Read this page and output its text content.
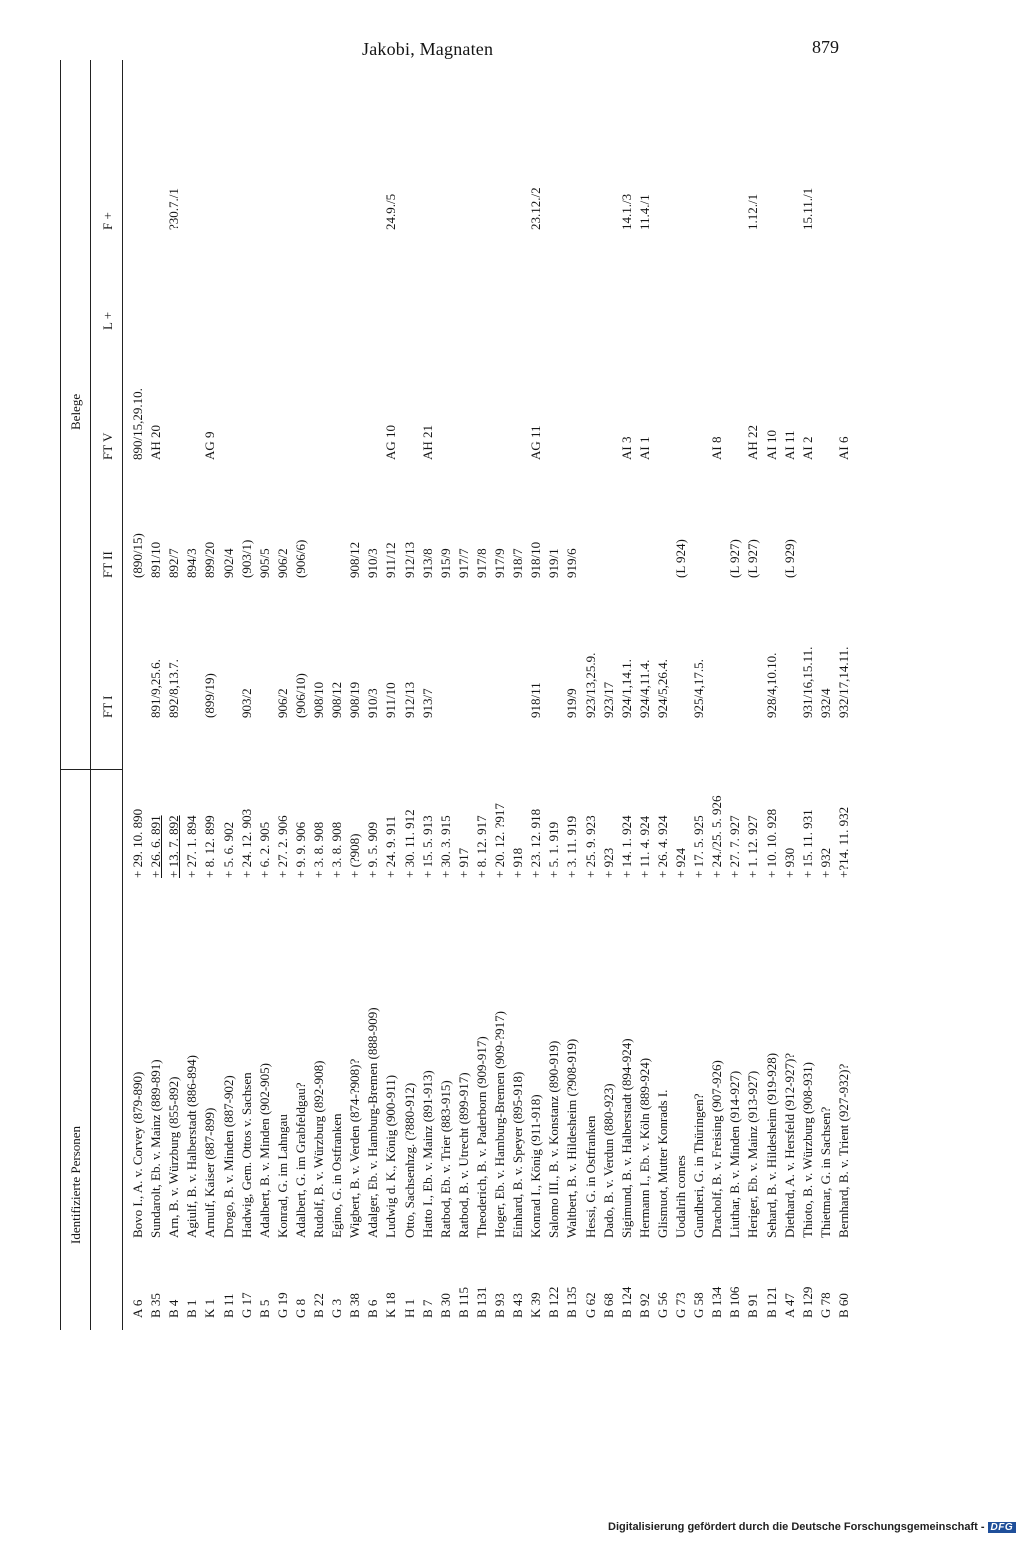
Jakobi, Magnaten	879
Identifizierte Personen
Belege
FT I
FT II
FT V
L +
F +
A 6
Bovo I., A. v. Corvey (879-890)
+ 29. 10. 890
(890/15)
890/15,29.10.
B 35
Sundarolt, Eb. v. Mainz (889-891)
+ 26. 6. 891
891/9,25.6.
891/10
AH 20
B 4
Arn, B. v. Würzburg (855-892)
+ 13. 7. 892
892/8,13.7.
892/7
?30.7./1
B 1
Agiulf, B. v. Halberstadt (886-894)
+ 27. 1. 894
894/3
K 1
Arnulf, Kaiser (887-899)
+ 8. 12. 899
(899/19)
899/20
AG 9
B 11
Drogo, B. v. Minden (887-902)
+ 5. 6. 902
902/4
G 17
Hadwig, Gem. Ottos v. Sachsen
+ 24. 12. 903
903/2
(903/1)
B 5
Adalbert, B. v. Minden (902-905)
+ 6. 2. 905
905/5
G 19
Konrad, G. im Lahngau
+ 27. 2. 906
906/2
906/2
G 8
Adalbert, G. im Grabfeldgau?
+ 9. 9. 906
(906/10)
(906/6)
B 22
Rudolf, B. v. Würzburg (892-908)
+ 3. 8. 908
908/10
G 3
Egino, G. in Ostfranken
+ 3. 8. 908
908/12
B 38
Wigbert, B. v. Verden (874-?908)?
+ (?908)
908/19
908/12
B 6
Adalger, Eb. v. Hamburg-Bremen (888-909)
+ 9. 5. 909
910/3
910/3
K 18
Ludwig d. K., König (900-911)
+ 24. 9. 911
911/10
911/12
AG 10
24.9./5
H 1
Otto, Sachsenhzg. (?880-912)
+ 30. 11. 912
912/13
912/13
B 7
Hatto I., Eb. v. Mainz (891-913)
+ 15. 5. 913
913/7
913/8
AH 21
B 30
Ratbod, Eb. v. Trier (883-915)
+ 30. 3. 915
915/9
B 115
Ratbod, B. v. Utrecht (899-917)
+ 917
917/7
B 131
Theoderich, B. v. Paderborn (909-917)
+ 8. 12. 917
917/8
B 93
Hoger, Eb. v. Hamburg-Bremen (909-?917)
+ 20. 12. ?917
917/9
B 43
Einhard, B. v. Speyer (895-918)
+ 918
918/7
K 39
Konrad I., König (911-918)
+ 23. 12. 918
918/11
918/10
AG 11
23.12./2
B 122
Salomo III., B. v. Konstanz (890-919)
+ 5. 1. 919
919/1
B 135
Waltbert, B. v. Hildesheim (?908-919)
+ 3. 11. 919
919/9
919/6
G 62
Hessi, G. in Ostfranken
+ 25. 9. 923
923/13,25.9.
B 68
Dado, B. v. Verdun (880-923)
+ 923
923/17
B 124
Sigimund, B. v. Halberstadt (894-924)
+ 14. 1. 924
924/1,14.1.
AI 3
14.1./3
B 92
Hermann I., Eb. v. Köln (889-924)
+ 11. 4. 924
924/4,11.4.
AI 1
11.4./1
G 56
Glismuot, Mutter Konrads I.
+ 26. 4. 924
924/5,26.4.
G 73
Uodalrih comes
+ 924
(L 924)
G 58
Gundheri, G. in Thüringen?
+ 17. 5. 925
925/4,17.5.
B 134
Dracholf, B. v. Freising (907-926)
+ 24./25. 5. 926
AI 8
B 106
Liuthar, B. v. Minden (914-927)
+ 27. 7. 927
(L 927)
B 91
Heriger, Eb. v. Mainz (913-927)
+ 1. 12. 927
(L 927)
AH 22
1.12./1
B 121
Sehard, B. v. Hildesheim (919-928)
+ 10. 10. 928
928/4,10.10.
AI 10
A 47
Diethard, A. v. Hersfeld (912-927)?
+ 930
(L 929)
AI 11
B 129
Thioto, B. v. Würzburg (908-931)
+ 15. 11. 931
931/16,15.11.
AI 2
15.11./1
G 78
Thietmar, G. in Sachsen?
+ 932
932/4
B 60
Bernhard, B. v. Trient (927-932)?
+?14. 11. 932
932/17,14.11.
AI 6
Digitalisierung gefördert durch die Deutsche Forschungsgemeinschaft - DFG
